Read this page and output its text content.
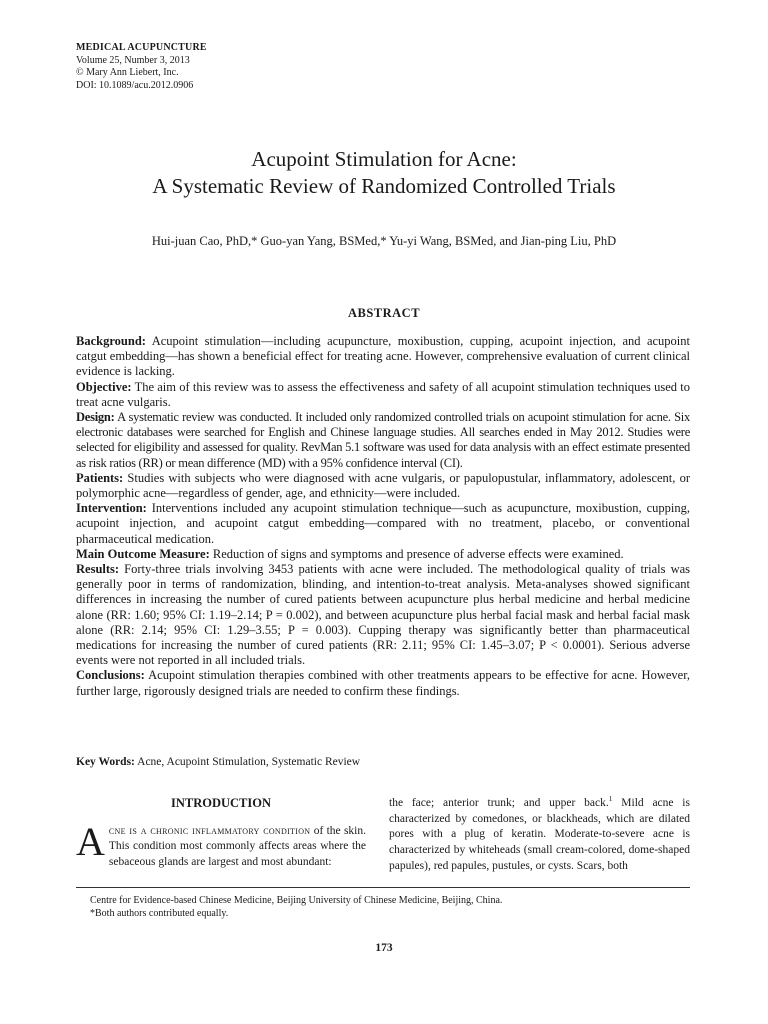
MEDICAL ACUPUNCTURE
Volume 25, Number 3, 2013
© Mary Ann Liebert, Inc.
DOI: 10.1089/acu.2012.0906
Acupoint Stimulation for Acne:
A Systematic Review of Randomized Controlled Trials
Hui-juan Cao, PhD,* Guo-yan Yang, BSMed,* Yu-yi Wang, BSMed, and Jian-ping Liu, PhD
ABSTRACT

Background: Acupoint stimulation—including acupuncture, moxibustion, cupping, acupoint injection, and acupoint catgut embedding—has shown a beneficial effect for treating acne. However, comprehensive evaluation of current clinical evidence is lacking.

Objective: The aim of this review was to assess the effectiveness and safety of all acupoint stimulation techniques used to treat acne vulgaris.

Design: A systematic review was conducted. It included only randomized controlled trials on acupoint stimulation for acne. Six electronic databases were searched for English and Chinese language studies. All searches ended in May 2012. Studies were selected for eligibility and assessed for quality. RevMan 5.1 software was used for data analysis with an effect estimate presented as risk ratios (RR) or mean difference (MD) with a 95% confidence interval (CI).

Patients: Studies with subjects who were diagnosed with acne vulgaris, or papulopustular, inflammatory, adolescent, or polymorphic acne—regardless of gender, age, and ethnicity—were included.

Intervention: Interventions included any acupoint stimulation technique—such as acupuncture, moxibustion, cupping, acupoint injection, and acupoint catgut embedding—compared with no treatment, placebo, or conventional pharmaceutical medication.

Main Outcome Measure: Reduction of signs and symptoms and presence of adverse effects were examined.

Results: Forty-three trials involving 3453 patients with acne were included. The methodological quality of trials was generally poor in terms of randomization, blinding, and intention-to-treat analysis. Meta-analyses showed significant differences in increasing the number of cured patients between acupuncture plus herbal medicine and herbal medicine alone (RR: 1.60; 95% CI: 1.19–2.14; P = 0.002), and between acupuncture plus herbal facial mask and herbal facial mask alone (RR: 2.14; 95% CI: 1.29–3.55; P = 0.003). Cupping therapy was significantly better than pharmaceutical medications for increasing the number of cured patients (RR: 2.11; 95% CI: 1.45–3.07; P < 0.0001). Serious adverse events were not reported in all included trials.

Conclusions: Acupoint stimulation therapies combined with other treatments appears to be effective for acne. However, further large, rigorously designed trials are needed to confirm these findings.

Key Words: Acne, Acupoint Stimulation, Systematic Review
INTRODUCTION
Acne is a chronic inflammatory condition of the skin. This condition most commonly affects areas where the sebaceous glands are largest and most abundant:
the face; anterior trunk; and upper back.$^1$ Mild acne is characterized by comedones, or blackheads, which are dilated pores with a plug of keratin. Moderate-to-severe acne is characterized by whiteheads (small cream-colored, dome-shaped papules), red papules, pustules, or cysts. Scars, both
Centre for Evidence-based Chinese Medicine, Beijing University of Chinese Medicine, Beijing, China.
*Both authors contributed equally.
173
